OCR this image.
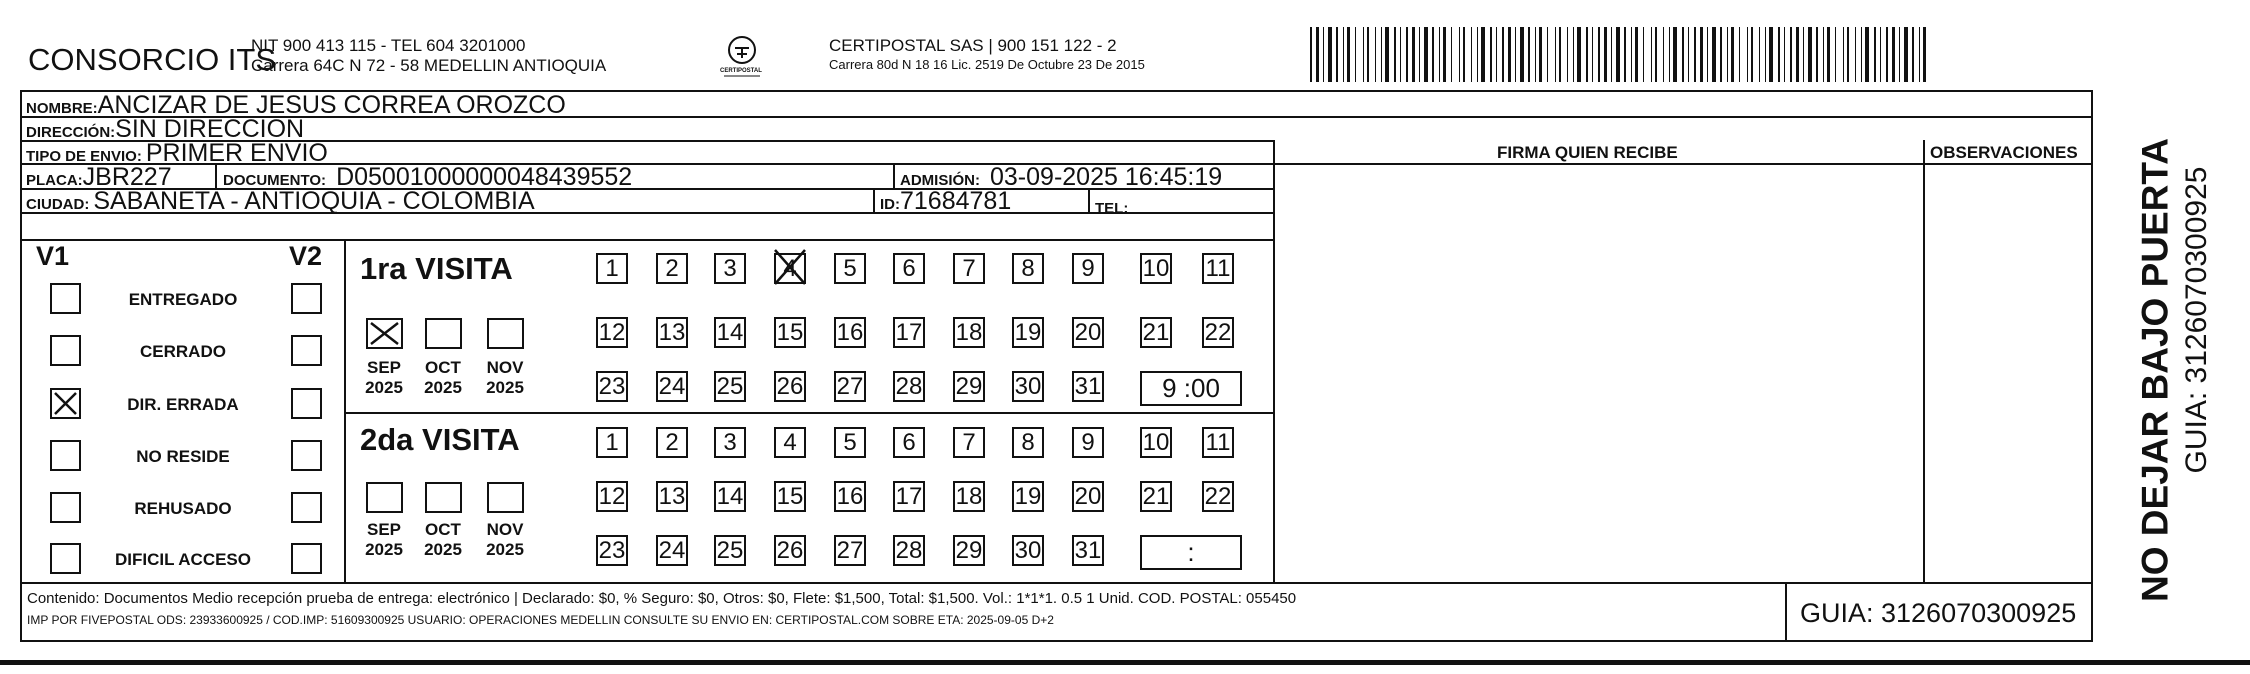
CONSORCIO ITS
NIT 900 413 115 - TEL 604 3201000
Carrera 64C N 72 - 58 MEDELLIN ANTIOQUIA	CERTIPOSTAL
CERTIPOSTAL SAS | 900 151 122 - 2
Carrera 80d N 18 16 Lic. 2519 De Octubre 23 De 2015
NOMBRE:ANCIZAR DE JESUS CORREA OROZCO
DIRECCIÓN:SIN DIRECCION
TIPO DE ENVIO: PRIMER ENVIO
PLACA:JBR227	DOCUMENTO: D05001000000048439552	ADMISIÓN: 03-09-2025 16:45:19
CIUDAD: SABANETA - ANTIOQUIA - COLOMBIA	ID:71684781	TEL:
FIRMA QUIEN RECIBE	OBSERVACIONES
V1	V2
ENTREGADO
CERRADO
DIR. ERRADA
NO RESIDE
REHUSADO
DIFICIL ACCESO
1ra VISITA
2da VISITA
SEP
2025
OCT
2025
NOV
2025
SEP
2025
OCT
2025
NOV
2025
1	2	3	4	5	6	7	8	9	10 11
12 13 14 15 16 17 18 19 20 21 22
23 24 25 26 27 28 29 30 31	9 :00
1	2	3	4	5	6	7	8	9	10 11
12 13 14 15 16 17 18 19 20 21 22
23 24 25 26 27 28 29 30 31	:
Contenido: Documentos Medio recepción prueba de entrega: electrónico | Declarado: $0, % Seguro: $0, Otros: $0, Flete: $1,500, Total: $1,500. Vol.: 1*1*1. 0.5 1 Unid. COD. POSTAL: 055450
IMP POR FIVEPOSTAL ODS: 23933600925 / COD.IMP: 51609300925 USUARIO: OPERACIONES MEDELLIN CONSULTE SU ENVIO EN: CERTIPOSTAL.COM SOBRE ETA: 2025-09-05 D+2	GUIA: 3126070300925
NO DEJAR BAJO PUERTA GUIA: 3126070300925
